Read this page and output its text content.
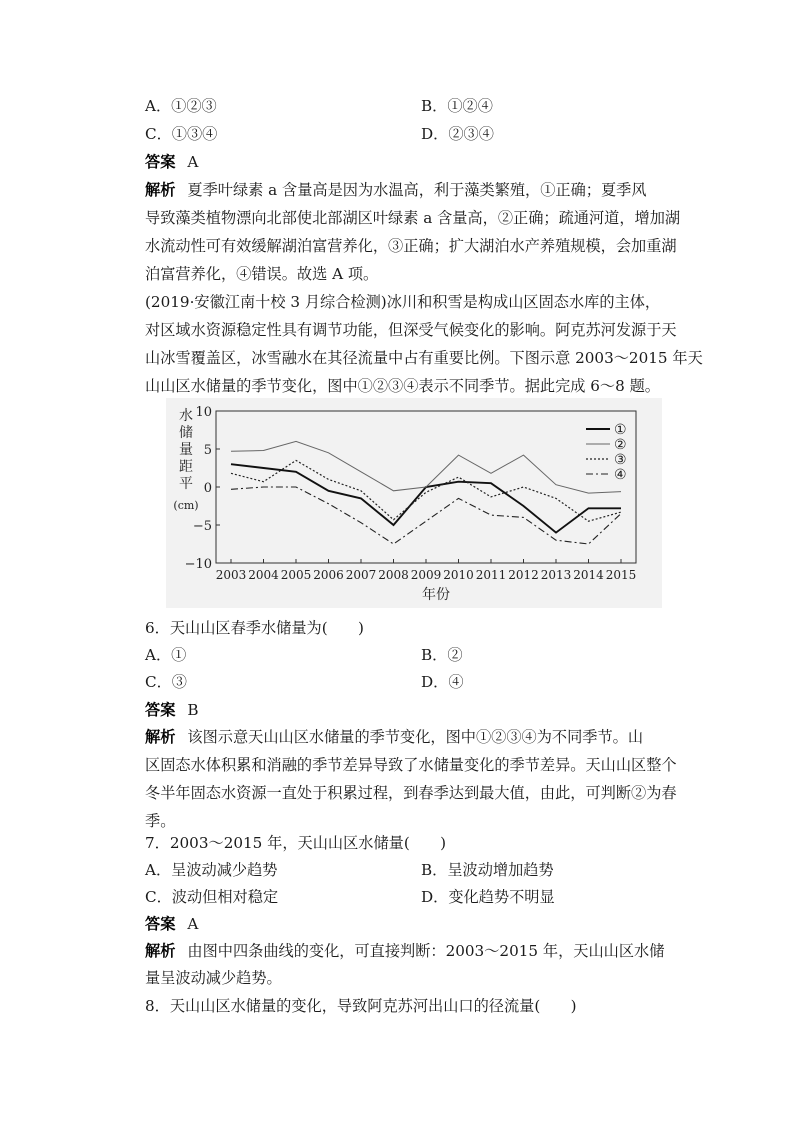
A．①②③	B．①②④
C．①③④	D．②③④
答案 A
解析 夏季叶绿素 a 含量高是因为水温高，利于藻类繁殖，①正确；夏季风
导致藻类植物漂向北部使北部湖区叶绿素 a 含量高，②正确；疏通河道，增加湖
水流动性可有效缓解湖泊富营养化，③正确；扩大湖泊水产养殖规模，会加重湖
泊富营养化，④错误。故选 A 项。
(2019·安徽江南十校 3 月综合检测)冰川和积雪是构成山区固态水库的主体，
对区域水资源稳定性具有调节功能，但深受气候变化的影响。阿克苏河发源于天
山冰雪覆盖区，冰雪融水在其径流量中占有重要比例。下图示意 2003～2015 年天
山山区水储量的季节变化，图中①②③④表示不同季节。据此完成 6～8 题。
10
5
0
−5
−10
2003 2004 2005 2006 2007 2008 2009 2010 2011 2012 2013 2014 2015
年份
水
储
量
距
平
(cm)
①
②
③
④
6．天山山区春季水储量为(　　)
A．①	B．②
C．③	D．④
答案 B
解析 该图示意天山山区水储量的季节变化，图中①②③④为不同季节。山
区固态水体积累和消融的季节差异导致了水储量变化的季节差异。天山山区整个
冬半年固态水资源一直处于积累过程，到春季达到最大值，由此，可判断②为春
季。
7．2003～2015 年，天山山区水储量(　　)
A．呈波动减少趋势	B．呈波动增加趋势
C．波动但相对稳定	D．变化趋势不明显
答案 A
解析 由图中四条曲线的变化，可直接判断：2003～2015 年，天山山区水储
量呈波动减少趋势。
8．天山山区水储量的变化，导致阿克苏河出山口的径流量(　　)
